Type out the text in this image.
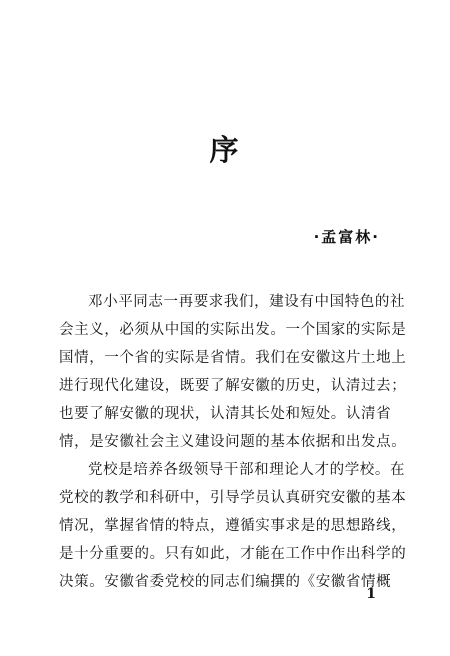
序
·孟富林·
邓小平同志一再要求我们，建设有中国特色的社
会主义，必须从中国的实际出发。一个国家的实际是
国情，一个省的实际是省情。我们在安徽这片土地上
进行现代化建设，既要了解安徽的历史，认清过去；
也要了解安徽的现状，认清其长处和短处。认清省
情，是安徽社会主义建设问题的基本依据和出发点。
党校是培养各级领导干部和理论人才的学校。在
党校的教学和科研中，引导学员认真研究安徽的基本
情况，掌握省情的特点，遵循实事求是的思想路线，
是十分重要的。只有如此，才能在工作中作出科学的
决策。安徽省委党校的同志们编撰的《安徽省情概
1
